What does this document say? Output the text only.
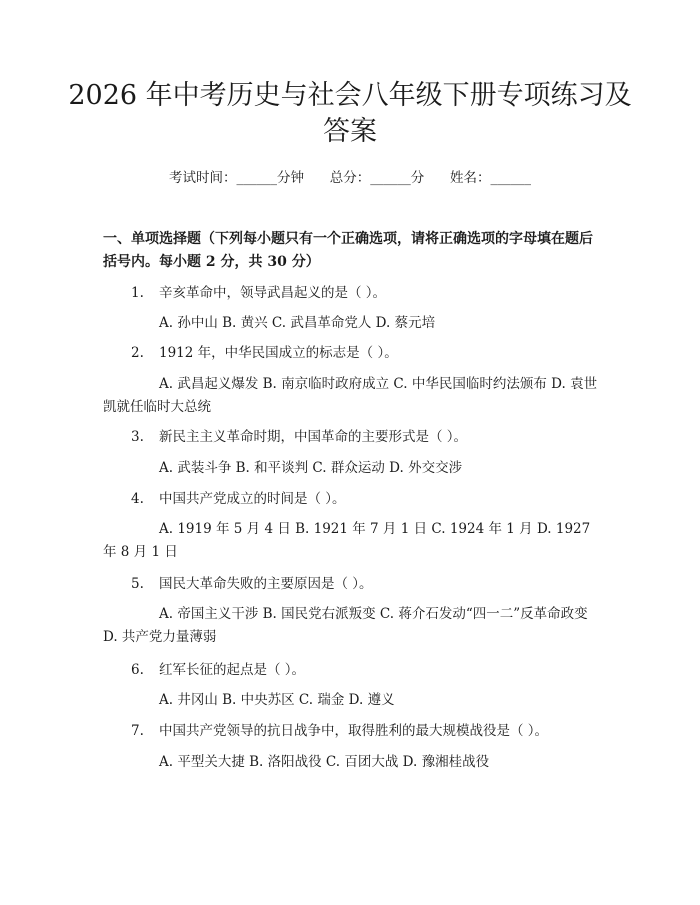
2026 年中考历史与社会八年级下册专项练习及答案
考试时间：______分钟      总分：______分      姓名：______
一、单项选择题（下列每小题只有一个正确选项，请将正确选项的字母填在题后括号内。每小题 2 分，共 30 分）
1. 辛亥革命中，领导武昌起义的是（ ）。
A. 孙中山 B. 黄兴 C. 武昌革命党人 D. 蔡元培
2. 1912 年，中华民国成立的标志是（ ）。
A. 武昌起义爆发 B. 南京临时政府成立 C. 中华民国临时约法颁布 D. 袁世凯就任临时大总统
3. 新民主主义革命时期，中国革命的主要形式是（ ）。
A. 武装斗争 B. 和平谈判 C. 群众运动 D. 外交交涉
4. 中国共产党成立的时间是（ ）。
A. 1919 年 5 月 4 日 B. 1921 年 7 月 1 日 C. 1924 年 1 月 D. 1927 年 8 月 1 日
5. 国民大革命失败的主要原因是（ ）。
A. 帝国主义干涉 B. 国民党右派叛变 C. 蒋介石发动“四一二”反革命政变 D. 共产党力量薄弱
6. 红军长征的起点是（ ）。
A. 井冈山 B. 中央苏区 C. 瑞金 D. 遵义
7. 中国共产党领导的抗日战争中，取得胜利的最大规模战役是（ ）。
A. 平型关大捷 B. 洛阳战役 C. 百团大战 D. 豫湘桂战役
